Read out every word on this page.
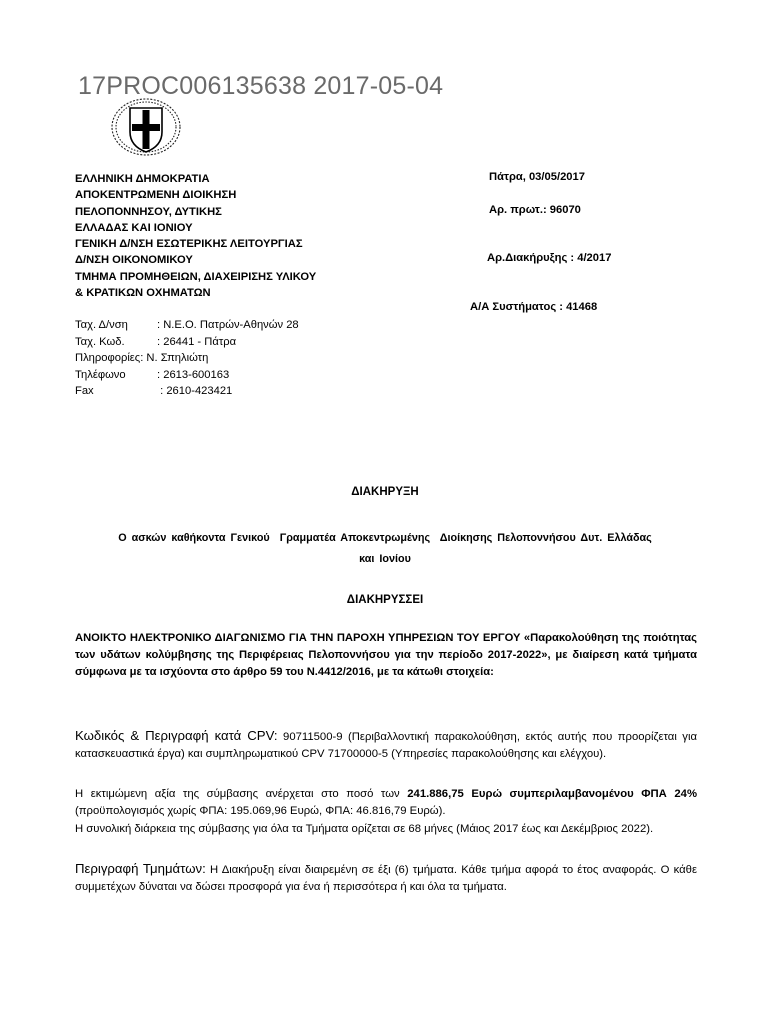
17PROC006135638 2017-05-04
ΕΛΛΗΝΙΚΗ ΔΗΜΟΚΡΑΤΙΑ
ΑΠΟΚΕΝΤΡΩΜΕΝΗ ΔΙΟΙΚΗΣΗ
ΠΕΛΟΠΟΝΝΗΣΟΥ, ΔΥΤΙΚΗΣ
ΕΛΛΑΔΑΣ ΚΑΙ ΙΟΝΙΟΥ
ΓΕΝΙΚΗ Δ/ΝΣΗ ΕΣΩΤΕΡΙΚΗΣ ΛΕΙΤΟΥΡΓΙΑΣ
Δ/ΝΣΗ ΟΙΚΟΝΟΜΙΚΟΥ
ΤΜΗΜΑ ΠΡΟΜΗΘΕΙΩΝ, ΔΙΑΧΕΙΡΙΣΗΣ ΥΛΙΚΟΥ
& ΚΡΑΤΙΚΩΝ ΟΧΗΜΑΤΩΝ
Πάτρα, 03/05/2017
Αρ. πρωτ.: 96070
Αρ.Διακήρυξης : 4/2017
Α/Α Συστήματος : 41468
Ταχ. Δ/νση	: Ν.Ε.Ο. Πατρών-Αθηνών 28
Ταχ. Κωδ.	: 26441 - Πάτρα
Πληροφορίες : Ν. Σπηλιώτη
Τηλέφωνο	: 2613-600163
Fax	: 2610-423421
ΔΙΑΚΗΡΥΞΗ
Ο ασκών καθήκοντα Γενικού  Γραμματέα Αποκεντρωμένης  Διοίκησης Πελοποννήσου Δυτ. Ελλάδας
και Ιονίου
ΔΙΑΚΗΡΥΣΣΕΙ
ΑΝΟΙΚΤΟ ΗΛΕΚΤΡΟΝΙΚΟ ΔΙΑΓΩΝΙΣΜΟ ΓΙΑ ΤΗΝ ΠΑΡΟΧΗ ΥΠΗΡΕΣΙΩΝ ΤΟΥ ΕΡΓΟΥ «Παρακολούθηση της ποιότητας των υδάτων κολύμβησης της Περιφέρειας Πελοποννήσου για την περίοδο 2017-2022», με διαίρεση κατά τμήματα σύμφωνα με τα ισχύοντα στο άρθρο 59 του Ν.4412/2016, με τα κάτωθι στοιχεία:
Κωδικός & Περιγραφή κατά CPV: 90711500-9 (Περιβαλλοντική παρακολούθηση, εκτός αυτής που προορίζεται για κατασκευαστικά έργα) και συμπληρωματικού CPV 71700000-5 (Υπηρεσίες παρακολούθησης και ελέγχου).
Η εκτιμώμενη αξία της σύμβασης ανέρχεται στο ποσό των 241.886,75 Ευρώ συμπεριλαμβανομένου ΦΠΑ 24% (προϋπολογισμός χωρίς ΦΠΑ: 195.069,96 Ευρώ, ΦΠΑ: 46.816,79 Ευρώ).
Η συνολική διάρκεια της σύμβασης για όλα τα Τμήματα ορίζεται σε 68 μήνες (Μάιος 2017 έως και Δεκέμβριος 2022).
Περιγραφή Τμημάτων: Η Διακήρυξη είναι διαιρεμένη σε έξι (6) τμήματα. Κάθε τμήμα αφορά το έτος αναφοράς. Ο κάθε συμμετέχων δύναται να δώσει προσφορά για ένα ή περισσότερα ή και όλα τα τμήματα.
